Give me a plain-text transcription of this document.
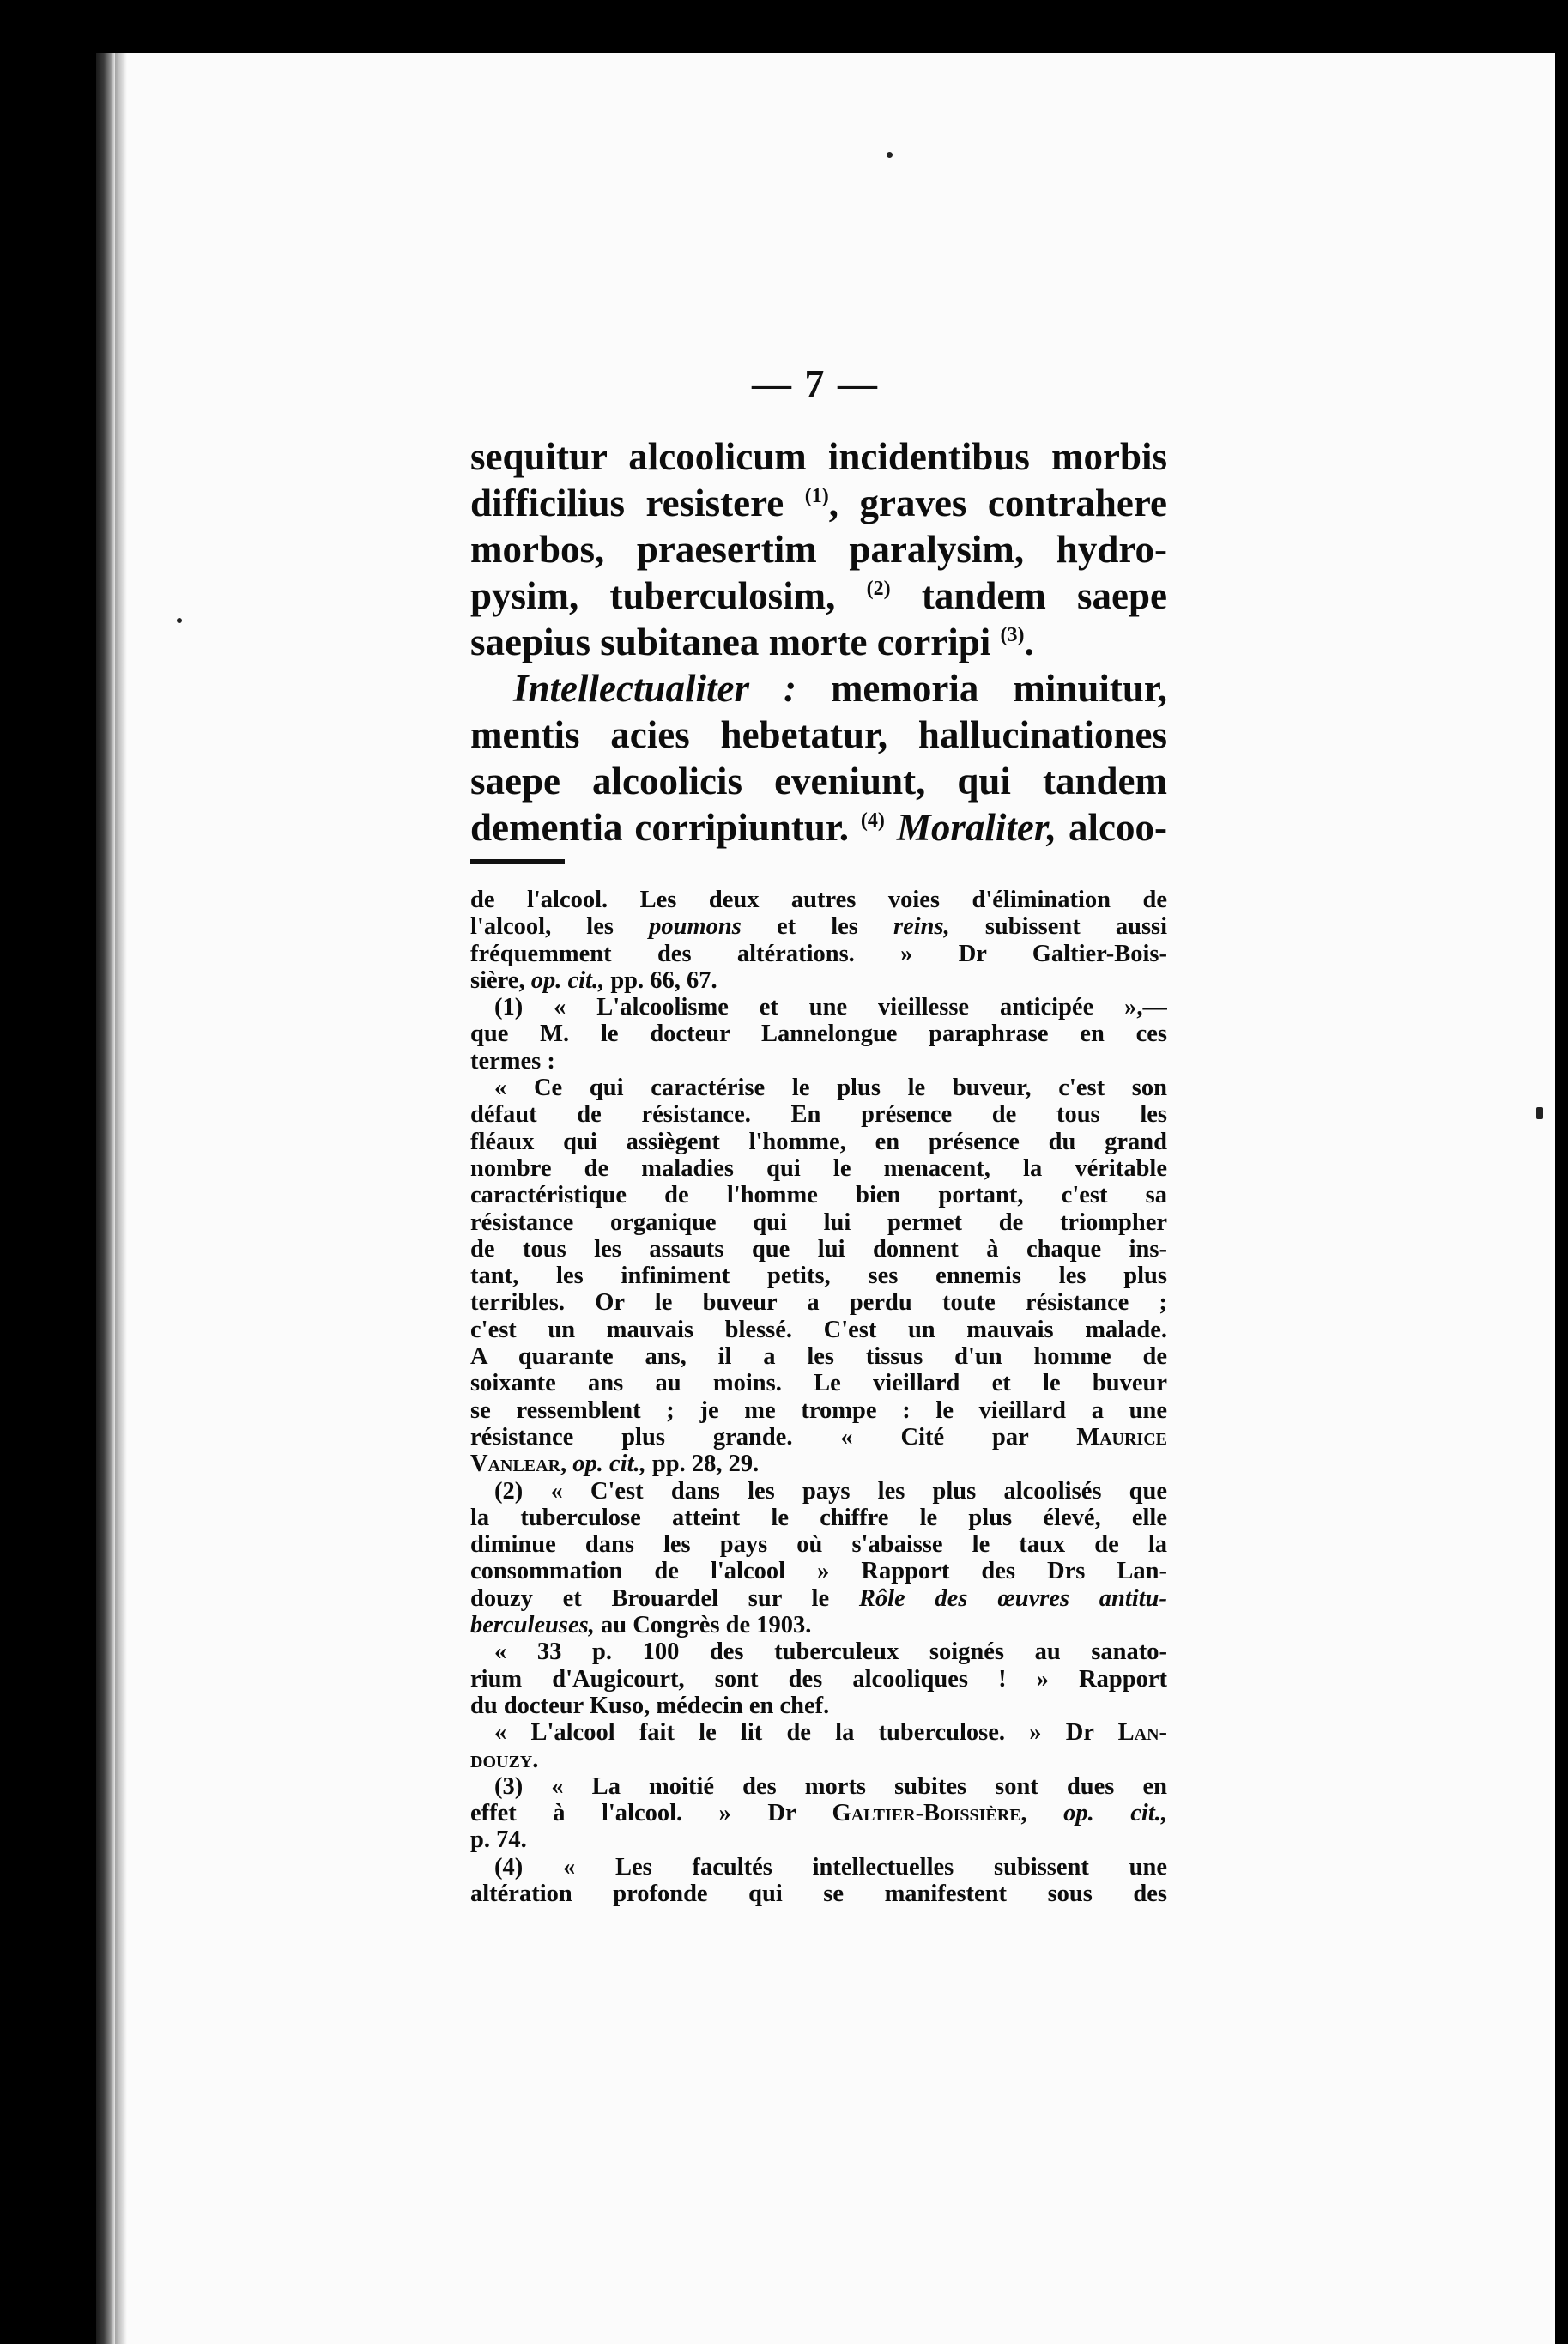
— 7 —
sequitur alcoolicum incidentibus morbis
difficilius resistere $^{(1)}$, graves contrahere
morbos, praesertim paralysim, hydro-
pysim, tuberculosim, $^{(2)}$ tandem saepe
saepius subitanea morte corripi $^{(3)}$.
Intellectualiter : memoria minuitur,
mentis acies hebetatur, hallucinationes
saepe alcoolicis eveniunt, qui tandem
dementia corripiuntur. $^{(4)}$ Moraliter, alcoo-
de l'alcool. Les deux autres voies d'élimination de
l'alcool, les poumons et les reins, subissent aussi
fréquemment des altérations. » Dr Galtier-Bois-
sière, op. cit., pp. 66, 67.
(1) « L'alcoolisme et une vieillesse anticipée »,—
que M. le docteur Lannelongue paraphrase en ces
termes :
« Ce qui caractérise le plus le buveur, c'est son
défaut de résistance. En présence de tous les
fléaux qui assiègent l'homme, en présence du grand
nombre de maladies qui le menacent, la véritable
caractéristique de l'homme bien portant, c'est sa
résistance organique qui lui permet de triompher
de tous les assauts que lui donnent à chaque ins-
tant, les infiniment petits, ses ennemis les plus
terribles. Or le buveur a perdu toute résistance ;
c'est un mauvais blessé. C'est un mauvais malade.
A quarante ans, il a les tissus d'un homme de
soixante ans au moins. Le vieillard et le buveur
se ressemblent ; je me trompe : le vieillard a une
résistance plus grande. « Cité par Maurice
Vanlear, op. cit., pp. 28, 29.
(2) « C'est dans les pays les plus alcoolisés que
la tuberculose atteint le chiffre le plus élevé, elle
diminue dans les pays où s'abaisse le taux de la
consommation de l'alcool » Rapport des Drs Lan-
douzy et Brouardel sur le Rôle des œuvres antitu-
berculeuses, au Congrès de 1903.
« 33 p. 100 des tuberculeux soignés au sanato-
rium d'Augicourt, sont des alcooliques ! » Rapport
du docteur Kuso, médecin en chef.
« L'alcool fait le lit de la tuberculose. » Dr Lan-
douzy.
(3) « La moitié des morts subites sont dues en
effet à l'alcool. » Dr Galtier-Boissière, op. cit.,
p. 74.
(4) « Les facultés intellectuelles subissent une
altération profonde qui se manifestent sous des
